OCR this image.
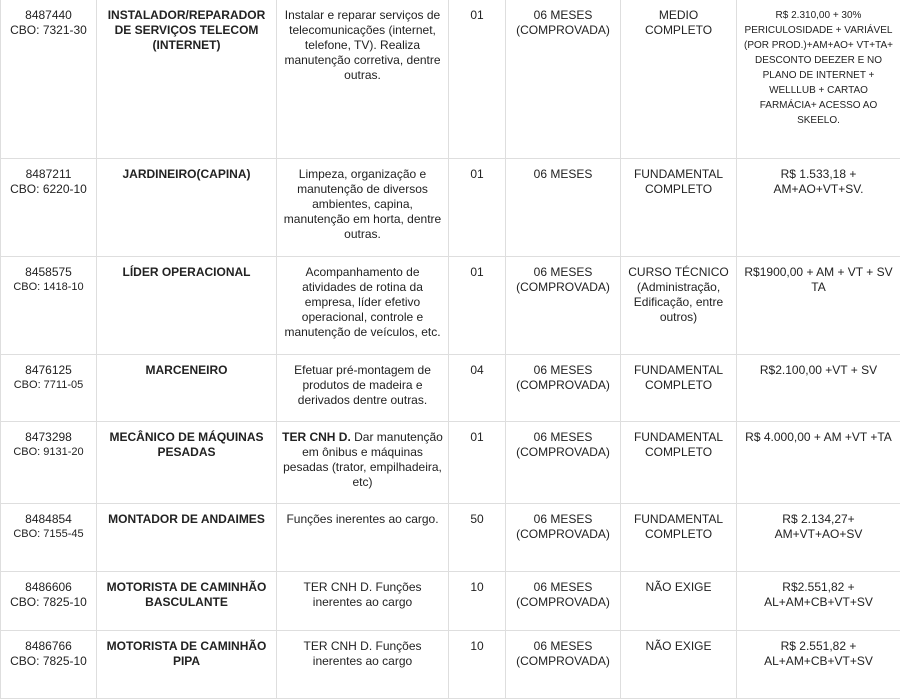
8487440
CBO: 7321-30	INSTALADOR/REPARADOR DE SERVIÇOS TELECOM (INTERNET)	Instalar e reparar serviços de telecomunicações (internet, telefone, TV). Realiza manutenção corretiva, dentre outras.	01	06 MESES (COMPROVADA)	MEDIO COMPLETO	R$ 2.310,00 + 30% PERICULOSIDADE + VARIÁVEL (POR PROD.)+AM+AO+ VT+TA+ DESCONTO DEEZER E NO PLANO DE INTERNET + WELLLUB + CARTAO FARMÁCIA+ ACESSO AO SKEELO.

8487211
CBO: 6220-10	JARDINEIRO(CAPINA)	Limpeza, organização e manutenção de diversos ambientes, capina, manutenção em horta, dentre outras.	01	06 MESES	FUNDAMENTAL COMPLETO	R$ 1.533,18 + AM+AO+VT+SV.

8458575
CBO: 1418-10	LÍDER OPERACIONAL	Acompanhamento de atividades de rotina da empresa, líder efetivo operacional, controle e manutenção de veículos, etc.	01	06 MESES (COMPROVADA)	CURSO TÉCNICO (Administração, Edificação, entre outros)	R$1900,00 + AM + VT + SV TA

8476125
CBO: 7711-05	MARCENEIRO	Efetuar pré-montagem de produtos de madeira e derivados dentre outras.	04	06 MESES (COMPROVADA)	FUNDAMENTAL COMPLETO	R$2.100,00 +VT + SV

8473298
CBO: 9131-20	MECÂNICO DE MÁQUINAS PESADAS	TER CNH D. Dar manutenção em ônibus e máquinas pesadas (trator, empilhadeira, etc)	01	06 MESES (COMPROVADA)	FUNDAMENTAL COMPLETO	R$ 4.000,00 + AM +VT +TA

8484854
CBO: 7155-45	MONTADOR DE ANDAIMES	Funções inerentes ao cargo.	50	06 MESES (COMPROVADA)	FUNDAMENTAL COMPLETO	R$ 2.134,27+ AM+VT+AO+SV

8486606
CBO: 7825-10	MOTORISTA DE CAMINHÃO BASCULANTE	TER CNH D. Funções inerentes ao cargo	10	06 MESES (COMPROVADA)	NÃO EXIGE	R$2.551,82 + AL+AM+CB+VT+SV

8486766
CBO: 7825-10	MOTORISTA DE CAMINHÃO PIPA	TER CNH D. Funções inerentes ao cargo	10	06 MESES (COMPROVADA)	NÃO EXIGE	R$ 2.551,82 + AL+AM+CB+VT+SV
